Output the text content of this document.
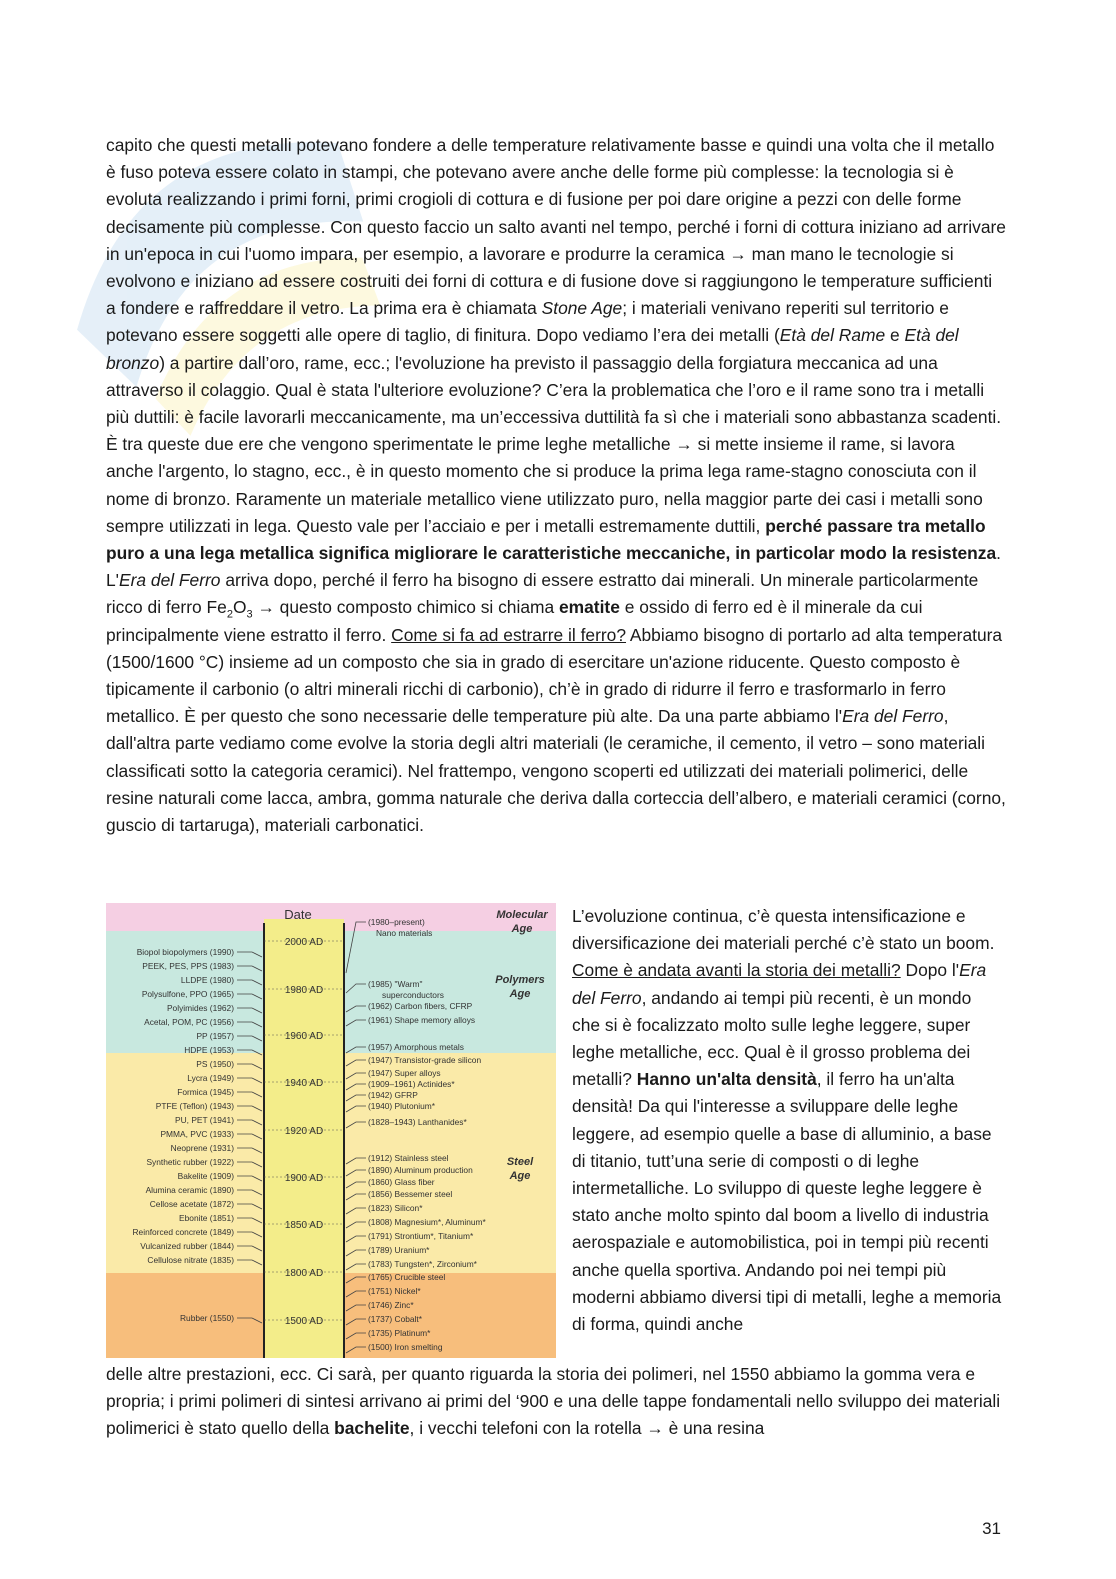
capito che questi metalli potevano fondere a delle temperature relativamente basse e quindi una volta che il metallo è fuso poteva essere colato in stampi, che potevano avere anche delle forme più complesse: la tecnologia si è evoluta realizzando i primi forni, primi crogioli di cottura e di fusione per poi dare origine a pezzi con delle forme decisamente più complesse. Con questo faccio un salto avanti nel tempo, perché i forni di cottura iniziano ad arrivare in un'epoca in cui l'uomo impara, per esempio, a lavorare e produrre la ceramica → man mano le tecnologie si evolvono e iniziano ad essere costruiti dei forni di cottura e di fusione dove si raggiungono le temperature sufficienti a fondere e raffreddare il vetro. La prima era è chiamata Stone Age; i materiali venivano reperiti sul territorio e potevano essere soggetti alle opere di taglio, di finitura. Dopo vediamo l’era dei metalli (Età del Rame e Età del bronzo) a partire dall’oro, rame, ecc.; l'evoluzione ha previsto il passaggio della forgiatura meccanica ad una attraverso il colaggio. Qual è stata l'ulteriore evoluzione? C’era la problematica che l’oro e il rame sono tra i metalli più duttili: è facile lavorarli meccanicamente, ma un’eccessiva duttilità fa sì che i materiali sono abbastanza scadenti. È tra queste due ere che vengono sperimentate le prime leghe metalliche → si mette insieme il rame, si lavora anche l'argento, lo stagno, ecc., è in questo momento che si produce la prima lega rame-stagno conosciuta con il nome di bronzo. Raramente un materiale metallico viene utilizzato puro, nella maggior parte dei casi i metalli sono sempre utilizzati in lega. Questo vale per l’acciaio e per i metalli estremamente duttili, perché passare tra metallo puro a una lega metallica significa migliorare le caratteristiche meccaniche, in particolar modo la resistenza. L'Era del Ferro arriva dopo, perché il ferro ha bisogno di essere estratto dai minerali. Un minerale particolarmente ricco di ferro $Fe_2O_3$ → questo composto chimico si chiama ematite e ossido di ferro ed è il minerale da cui principalmente viene estratto il ferro. Come si fa ad estrarre il ferro? Abbiamo bisogno di portarlo ad alta temperatura (1500/1600 °C) insieme ad un composto che sia in grado di esercitare un'azione riducente. Questo composto è tipicamente il carbonio (o altri minerali ricchi di carbonio), ch’è in grado di ridurre il ferro e trasformarlo in ferro metallico. È per questo che sono necessarie delle temperature più alte. Da una parte abbiamo l'Era del Ferro, dall'altra parte vediamo come evolve la storia degli altri materiali (le ceramiche, il cemento, il vetro – sono materiali classificati sotto la categoria ceramici). Nel frattempo, vengono scoperti ed utilizzati dei materiali polimerici, delle resine naturali come lacca, ambra, gomma naturale che deriva dalla corteccia dell’albero, e materiali ceramici (corno, guscio di tartaruga), materiali carbonatici.
Date
2000 AD
1980 AD
1960 AD
1940 AD
1920 AD
1900 AD
1850 AD
1800 AD
1500 AD
Molecular
Age
Polymers
Age
Steel
Age
Biopol biopolymers (1990)
PEEK, PES, PPS (1983)
LLDPE (1980)
Polysulfone, PPO (1965)
Polyimides (1962)
Acetal, POM, PC (1956)
PP (1957)
HDPE (1953)
PS (1950)
Lycra (1949)
Formica (1945)
PTFE (Teflon) (1943)
PU, PET (1941)
PMMA, PVC (1933)
Neoprene (1931)
Synthetic rubber (1922)
Bakelite (1909)
Alumina ceramic (1890)
Cellose acetate (1872)
Ebonite (1851)
Reinforced concrete (1849)
Vulcanized rubber (1844)
Cellulose nitrate (1835)
Rubber (1550)
(1980–present)
Nano materials
(1985) "Warm"
superconductors
(1962) Carbon fibers, CFRP
(1961) Shape memory alloys
(1957) Amorphous metals
(1947) Transistor-grade silicon
(1947) Super alloys
(1909–1961) Actinides*
(1942) GFRP
(1940) Plutonium*
(1828–1943) Lanthanides*
(1912) Stainless steel
(1890) Aluminum production
(1860) Glass fiber
(1856) Bessemer steel
(1823) Silicon*
(1808) Magnesium*, Aluminum*
(1791) Strontium*, Titanium*
(1789) Uranium*
(1783) Tungsten*, Zirconium*
(1765) Crucible steel
(1751) Nickel*
(1746) Zinc*
(1737) Cobalt*
(1735) Platinum*
(1500) Iron smelting
L’evoluzione continua, c’è questa intensificazione e diversificazione dei materiali perché c’è stato un boom. Come è andata avanti la storia dei metalli? Dopo l'Era del Ferro, andando ai tempi più recenti, è un mondo che si è focalizzato molto sulle leghe leggere, super leghe metalliche, ecc. Qual è il grosso problema dei metalli? Hanno un'alta densità, il ferro ha un'alta densità! Da qui l'interesse a sviluppare delle leghe leggere, ad esempio quelle a base di alluminio, a base di titanio, tutt’una serie di composti o di leghe intermetalliche. Lo sviluppo di queste leghe leggere è stato anche molto spinto dal boom a livello di industria aerospaziale e automobilistica, poi in tempi più recenti anche quella sportiva. Andando poi nei tempi più moderni abbiamo diversi tipi di metalli, leghe a memoria di forma, quindi anche
delle altre prestazioni, ecc. Ci sarà, per quanto riguarda la storia dei polimeri, nel 1550 abbiamo la gomma vera e propria; i primi polimeri di sintesi arrivano ai primi del ‘900 e una delle tappe fondamentali nello sviluppo dei materiali polimerici è stato quello della bachelite, i vecchi telefoni con la rotella → è una resina
31
